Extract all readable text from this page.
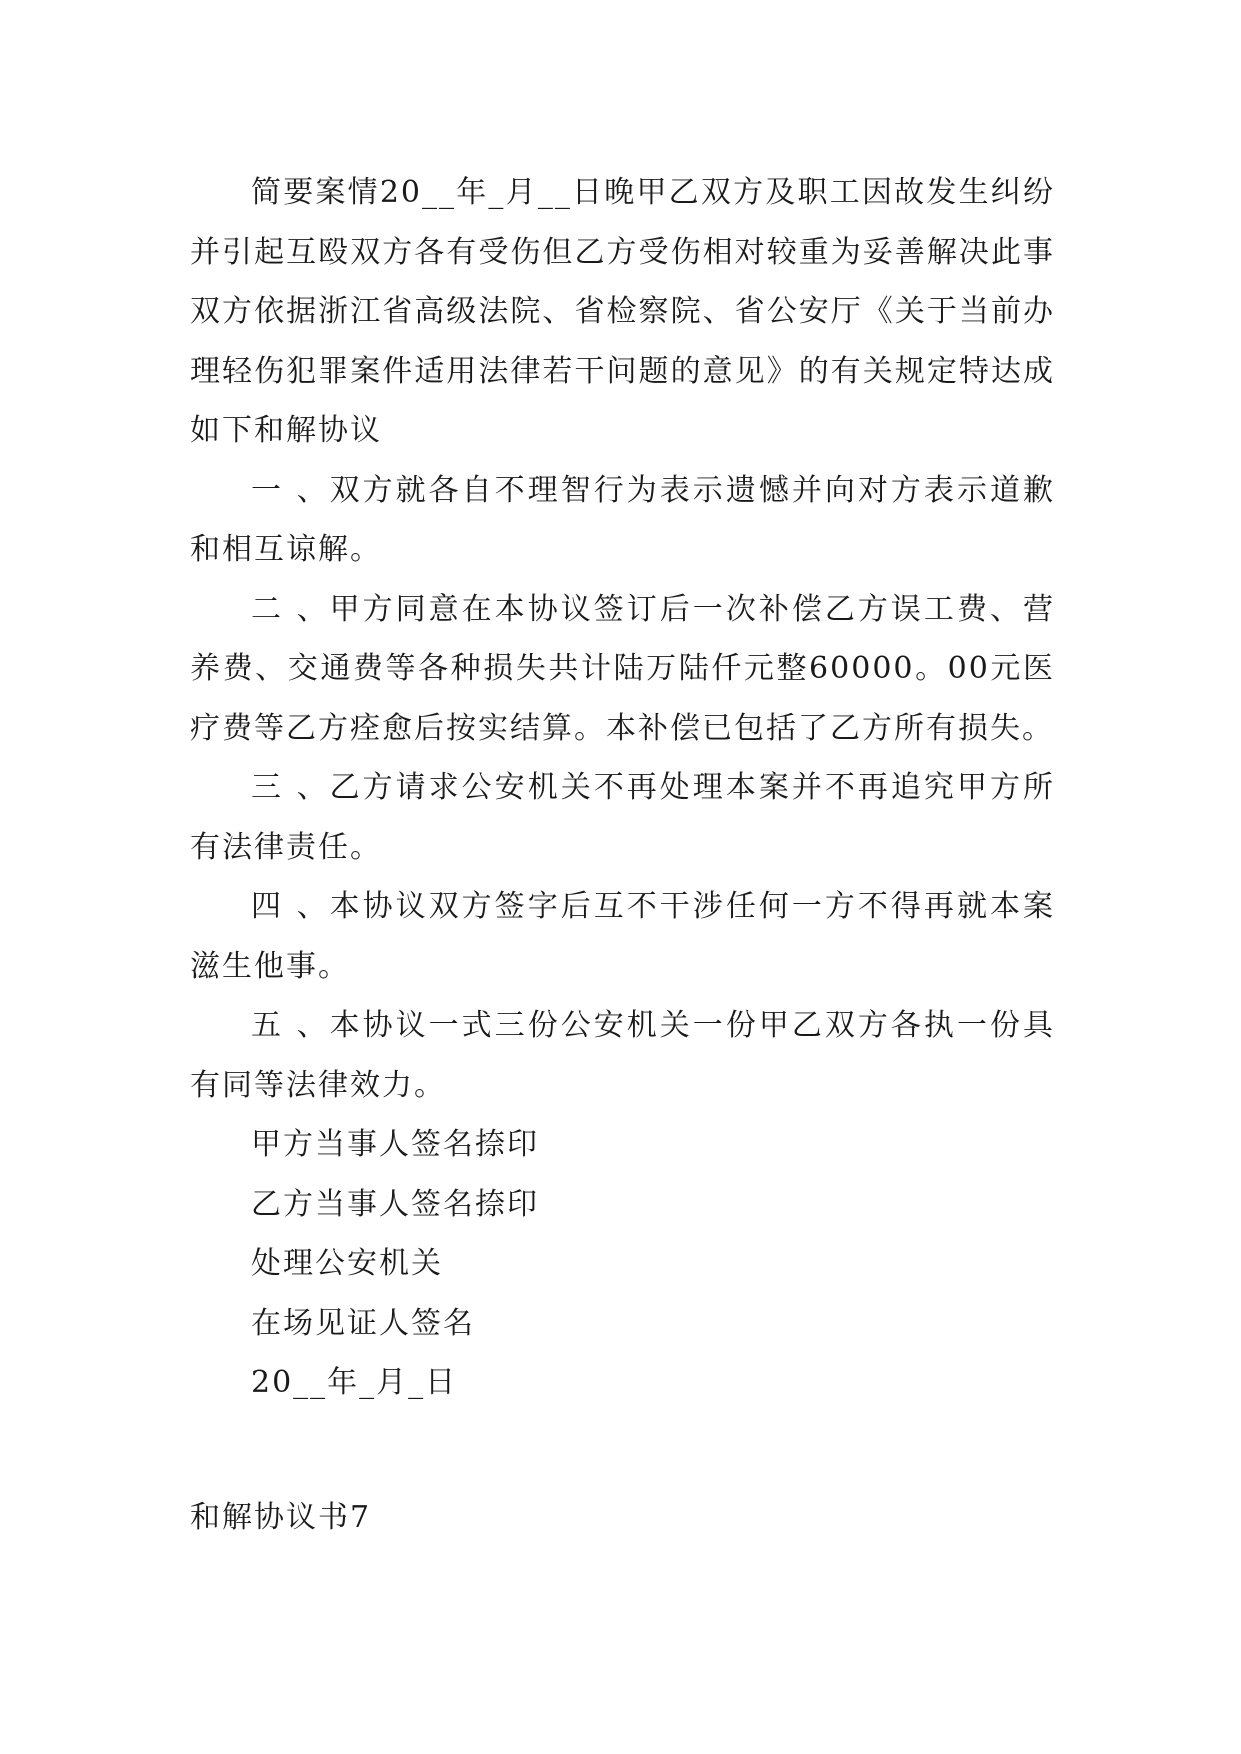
简要案情20__年_月__日晚甲乙双方及职工因故发生纠纷并引起互殴双方各有受伤但乙方受伤相对较重为妥善解决此事双方依据浙江省高级法院、省检察院、省公安厅《关于当前办理轻伤犯罪案件适用法律若干问题的意见》的有关规定特达成如下和解协议

一 、双方就各自不理智行为表示遗憾并向对方表示道歉和相互谅解。

二 、甲方同意在本协议签订后一次补偿乙方误工费、营养费、交通费等各种损失共计陆万陆仟元整60000。00元医疗费等乙方痊愈后按实结算。本补偿已包括了乙方所有损失。

三 、乙方请求公安机关不再处理本案并不再追究甲方所有法律责任。

四 、本协议双方签字后互不干涉任何一方不得再就本案滋生他事。

五 、本协议一式三份公安机关一份甲乙双方各执一份具有同等法律效力。

甲方当事人签名捺印

乙方当事人签名捺印

处理公安机关

在场见证人签名

20__年_月_日

和解协议书7
